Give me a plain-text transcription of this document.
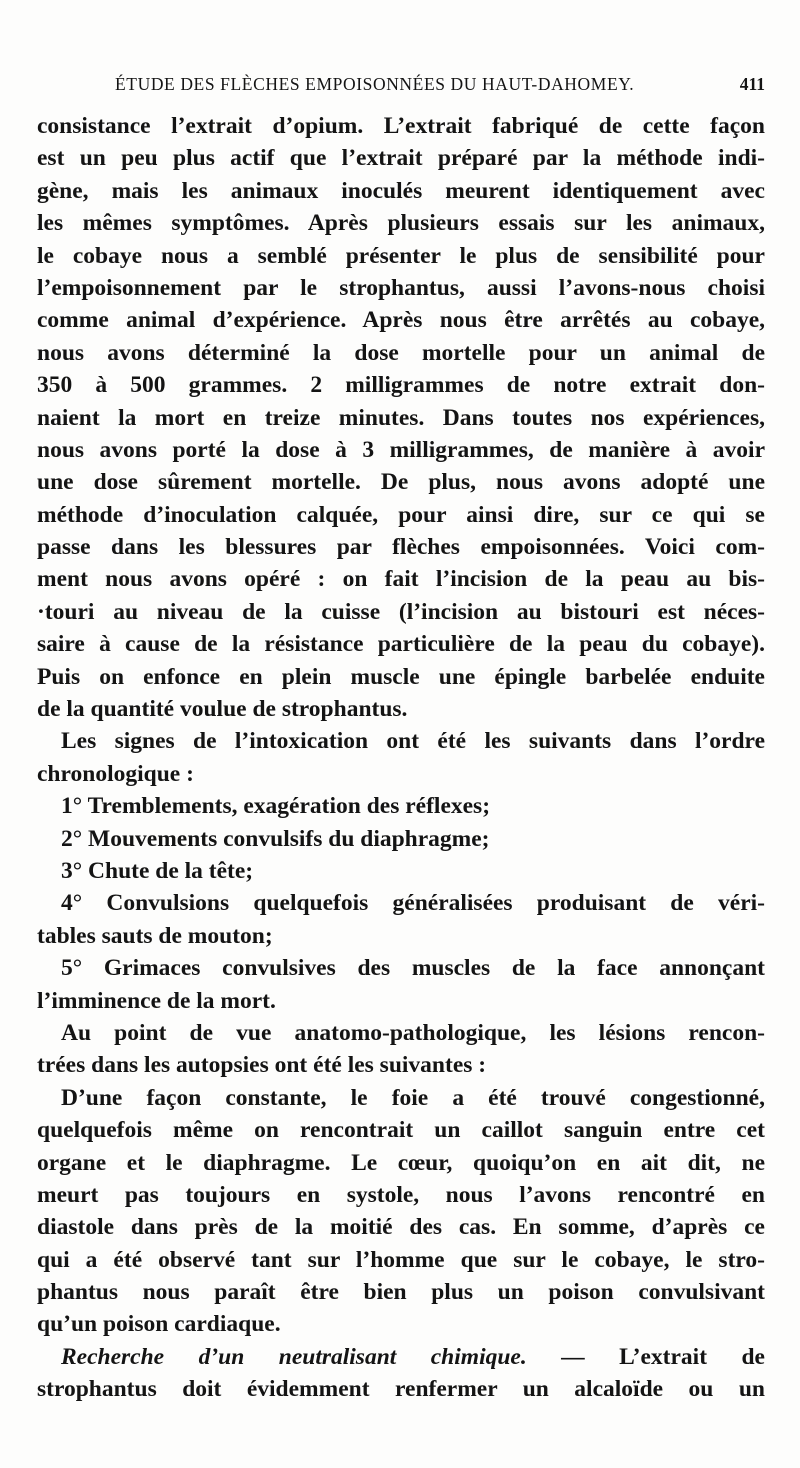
ÉTUDE DES FLÈCHES EMPOISONNÉES DU HAUT-DAHOMEY.	411
consistance l’extrait d’opium. L’extrait fabriqué de cette façon
est un peu plus actif que l’extrait préparé par la méthode indi-
gène, mais les animaux inoculés meurent identiquement avec
les mêmes symptômes. Après plusieurs essais sur les animaux,
le cobaye nous a semblé présenter le plus de sensibilité pour
l’empoisonnement par le strophantus, aussi l’avons-nous choisi
comme animal d’expérience. Après nous être arrêtés au cobaye,
nous avons déterminé la dose mortelle pour un animal de
350 à 500 grammes. 2 milligrammes de notre extrait don-
naient la mort en treize minutes. Dans toutes nos expériences,
nous avons porté la dose à 3 milligrammes, de manière à avoir
une dose sûrement mortelle. De plus, nous avons adopté une
méthode d’inoculation calquée, pour ainsi dire, sur ce qui se
passe dans les blessures par flèches empoisonnées. Voici com-
ment nous avons opéré : on fait l’incision de la peau au bis-
·touri au niveau de la cuisse (l’incision au bistouri est néces-
saire à cause de la résistance particulière de la peau du cobaye).
Puis on enfonce en plein muscle une épingle barbelée enduite
de la quantité voulue de strophantus.
Les signes de l’intoxication ont été les suivants dans l’ordre
chronologique :
1° Tremblements, exagération des réflexes;
2° Mouvements convulsifs du diaphragme;
3° Chute de la tête;
4° Convulsions quelquefois généralisées produisant de véri-
tables sauts de mouton;
5° Grimaces convulsives des muscles de la face annonçant
l’imminence de la mort.
Au point de vue anatomo-pathologique, les lésions rencon-
trées dans les autopsies ont été les suivantes :
D’une façon constante, le foie a été trouvé congestionné,
quelquefois même on rencontrait un caillot sanguin entre cet
organe et le diaphragme. Le cœur, quoiqu’on en ait dit, ne
meurt pas toujours en systole, nous l’avons rencontré en
diastole dans près de la moitié des cas. En somme, d’après ce
qui a été observé tant sur l’homme que sur le cobaye, le stro-
phantus nous paraît être bien plus un poison convulsivant
qu’un poison cardiaque.
Recherche d’un neutralisant chimique. — L’extrait de
strophantus doit évidemment renfermer un alcaloïde ou un
